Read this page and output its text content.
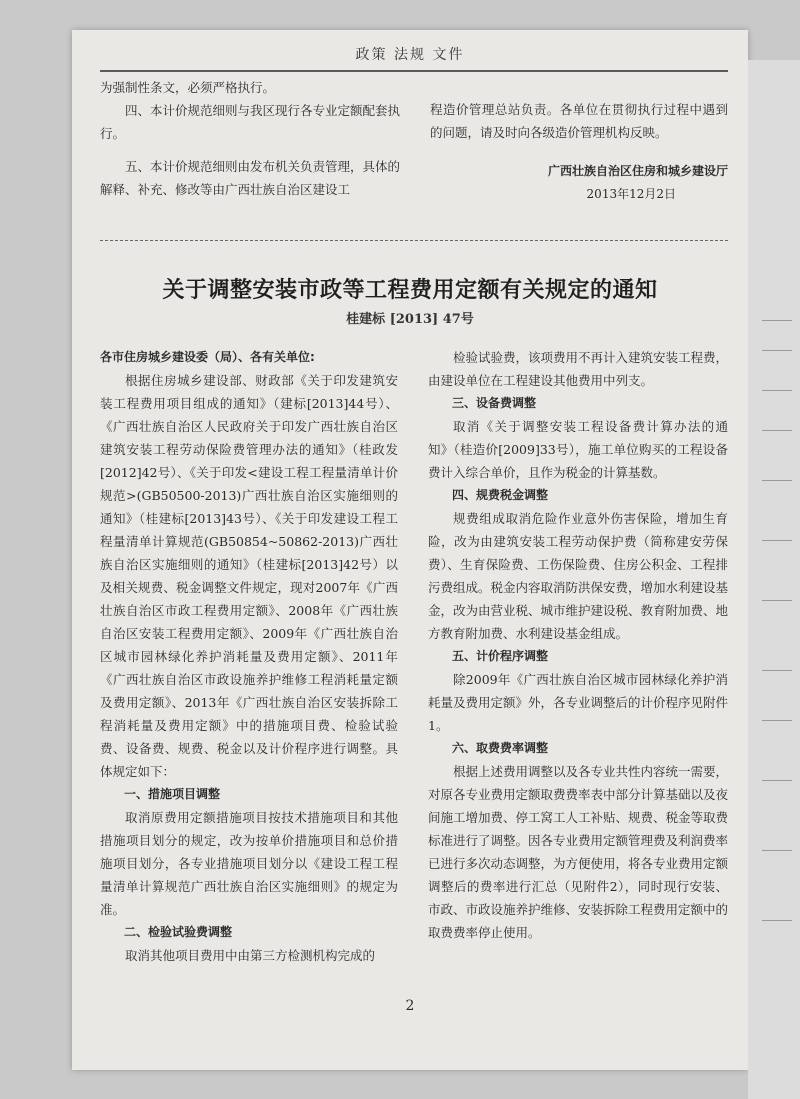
政策 法规 文件

为强制性条文，必须严格执行。

四、本计价规范细则与我区现行各专业定额配套执行。

五、本计价规范细则由发布机关负责管理，具体的解释、补充、修改等由广西壮族自治区建设工

程造价管理总站负责。各单位在贯彻执行过程中遇到的问题，请及时向各级造价管理机构反映。

广西壮族自治区住房和城乡建设厅

2013年12月2日

关于调整安装市政等工程费用定额有关规定的通知
桂建标 [2013] 47号

各市住房城乡建设委（局）、各有关单位:

根据住房城乡建设部、财政部《关于印发建筑安装工程费用项目组成的通知》（建标[2013]44号）、《广西壮族自治区人民政府关于印发广西壮族自治区建筑安装工程劳动保险费管理办法的通知》（桂政发[2012]42号）、《关于印发<建设工程工程量清单计价规范>(GB50500-2013)广西壮族自治区实施细则的通知》（桂建标[2013]43号）、《关于印发建设工程工程量清单计算规范(GB50854~50862-2013)广西壮族自治区实施细则的通知》（桂建标[2013]42号）以及相关规费、税金调整文件规定，现对2007年《广西壮族自治区市政工程费用定额》、2008年《广西壮族自治区安装工程费用定额》、2009年《广西壮族自治区城市园林绿化养护消耗量及费用定额》、2011年《广西壮族自治区市政设施养护维修工程消耗量定额及费用定额》、2013年《广西壮族自治区安装拆除工程消耗量及费用定额》中的措施项目费、检验试验费、设备费、规费、税金以及计价程序进行调整。具体规定如下：

一、措施项目调整

取消原费用定额措施项目按技术措施项目和其他措施项目划分的规定，改为按单价措施项目和总价措施项目划分，各专业措施项目划分以《建设工程工程量清单计算规范广西壮族自治区实施细则》的规定为准。

二、检验试验费调整

取消其他项目费用中由第三方检测机构完成的

检验试验费，该项费用不再计入建筑安装工程费，由建设单位在工程建设其他费用中列支。

三、设备费调整

取消《关于调整安装工程设备费计算办法的通知》（桂造价[2009]33号），施工单位购买的工程设备费计入综合单价，且作为税金的计算基数。

四、规费税金调整

规费组成取消危险作业意外伤害保险，增加生育险，改为由建筑安装工程劳动保护费（简称建安劳保费）、生育保险费、工伤保险费、住房公积金、工程排污费组成。税金内容取消防洪保安费，增加水利建设基金，改为由营业税、城市维护建设税、教育附加费、地方教育附加费、水利建设基金组成。

五、计价程序调整

除2009年《广西壮族自治区城市园林绿化养护消耗量及费用定额》外，各专业调整后的计价程序见附件1。

六、取费费率调整

根据上述费用调整以及各专业共性内容统一需要，对原各专业费用定额取费费率表中部分计算基础以及夜间施工增加费、停工窝工人工补贴、规费、税金等取费标准进行了调整。因各专业费用定额管理费及利润费率已进行多次动态调整，为方便使用，将各专业费用定额调整后的费率进行汇总（见附件2），同时现行安装、市政、市政设施养护维修、安装拆除工程费用定额中的取费费率停止使用。

2
